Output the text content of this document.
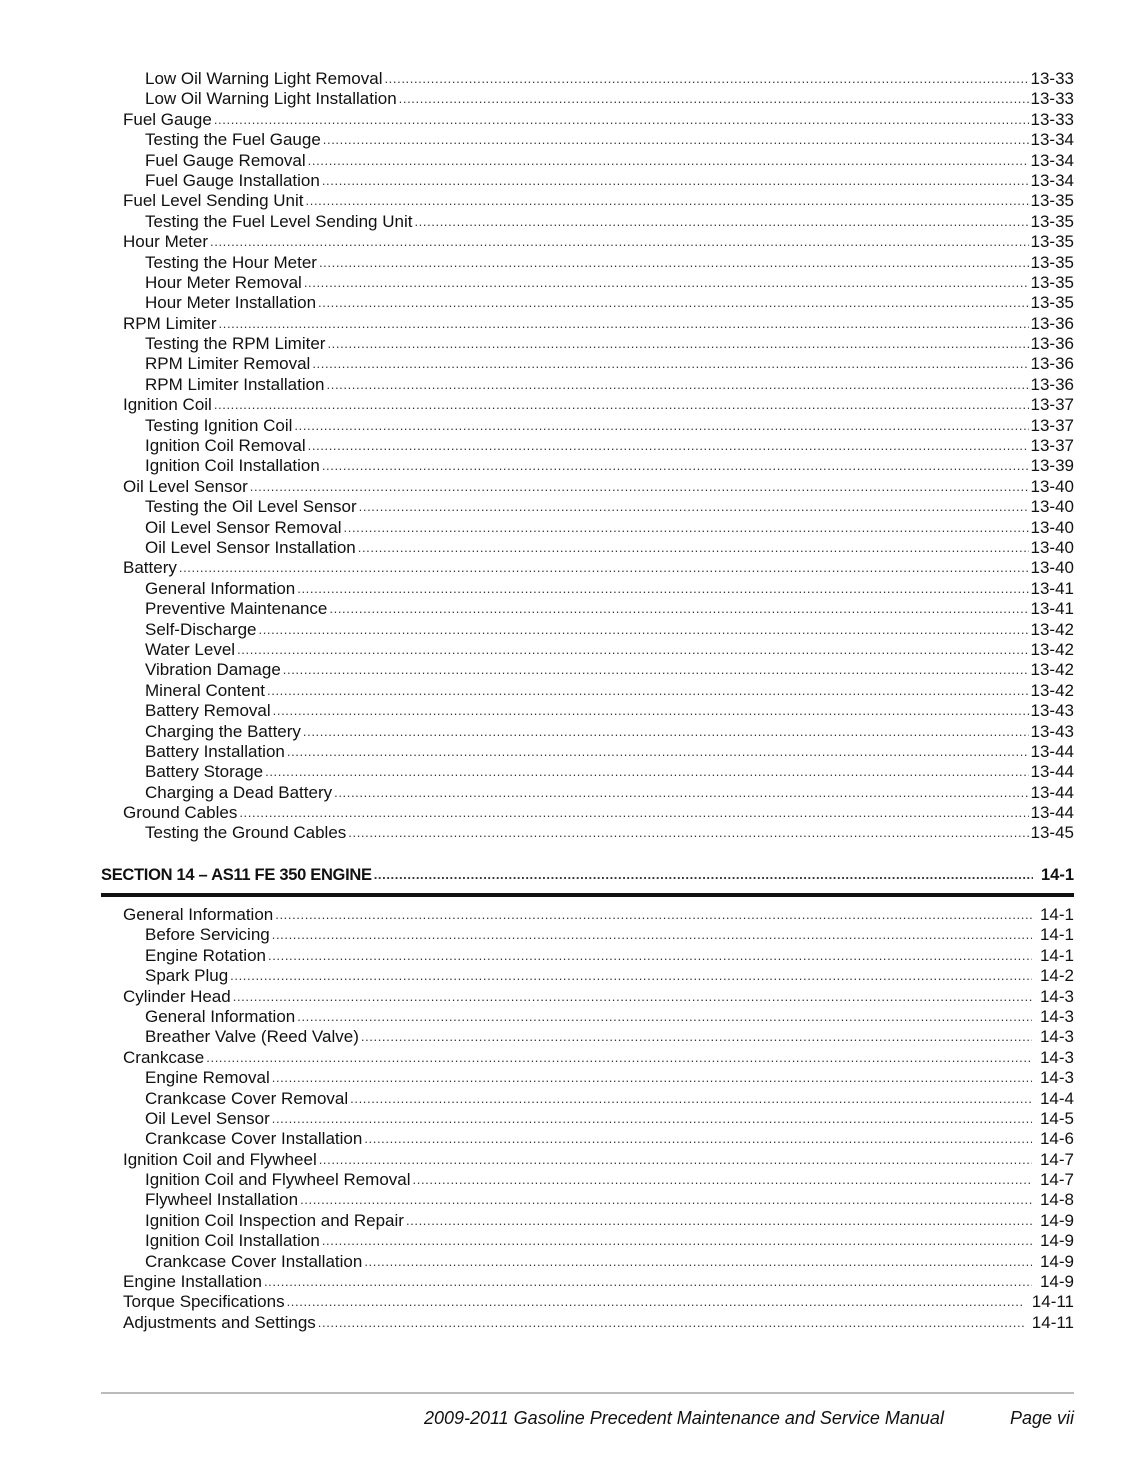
Low Oil Warning Light Removal .....	13-33
Low Oil Warning Light Installation .....	13-33
Fuel Gauge .....	13-33
Testing the Fuel Gauge .....	13-34
Fuel Gauge Removal .....	13-34
Fuel Gauge Installation .....	13-34
Fuel Level Sending Unit .....	13-35
Testing the Fuel Level Sending Unit .....	13-35
Hour Meter .....	13-35
Testing the Hour Meter .....	13-35
Hour Meter Removal .....	13-35
Hour Meter Installation .....	13-35
RPM Limiter .....	13-36
Testing the RPM Limiter .....	13-36
RPM Limiter Removal .....	13-36
RPM Limiter Installation .....	13-36
Ignition Coil .....	13-37
Testing Ignition Coil .....	13-37
Ignition Coil Removal .....	13-37
Ignition Coil Installation .....	13-39
Oil Level Sensor .....	13-40
Testing the Oil Level Sensor .....	13-40
Oil Level Sensor Removal .....	13-40
Oil Level Sensor Installation .....	13-40
Battery .....	13-40
General Information .....	13-41
Preventive Maintenance .....	13-41
Self-Discharge .....	13-42
Water Level .....	13-42
Vibration Damage .....	13-42
Mineral Content .....	13-42
Battery Removal .....	13-43
Charging the Battery .....	13-43
Battery Installation .....	13-44
Battery Storage .....	13-44
Charging a Dead Battery .....	13-44
Ground Cables .....	13-44
Testing the Ground Cables .....	13-45
SECTION 14 – AS11 FE 350 ENGINE .....	14-1
General Information .....	14-1
Before Servicing .....	14-1
Engine Rotation .....	14-1
Spark Plug .....	14-2
Cylinder Head .....	14-3
General Information .....	14-3
Breather Valve (Reed Valve) .....	14-3
Crankcase .....	14-3
Engine Removal .....	14-3
Crankcase Cover Removal .....	14-4
Oil Level Sensor .....	14-5
Crankcase Cover Installation .....	14-6
Ignition Coil and Flywheel .....	14-7
Ignition Coil and Flywheel Removal .....	14-7
Flywheel Installation .....	14-8
Ignition Coil Inspection and Repair .....	14-9
Ignition Coil Installation .....	14-9
Crankcase Cover Installation .....	14-9
Engine Installation .....	14-9
Torque Specifications .....	14-11
Adjustments and Settings .....	14-11
2009-2011 Gasoline Precedent Maintenance and Service Manual	Page vii
